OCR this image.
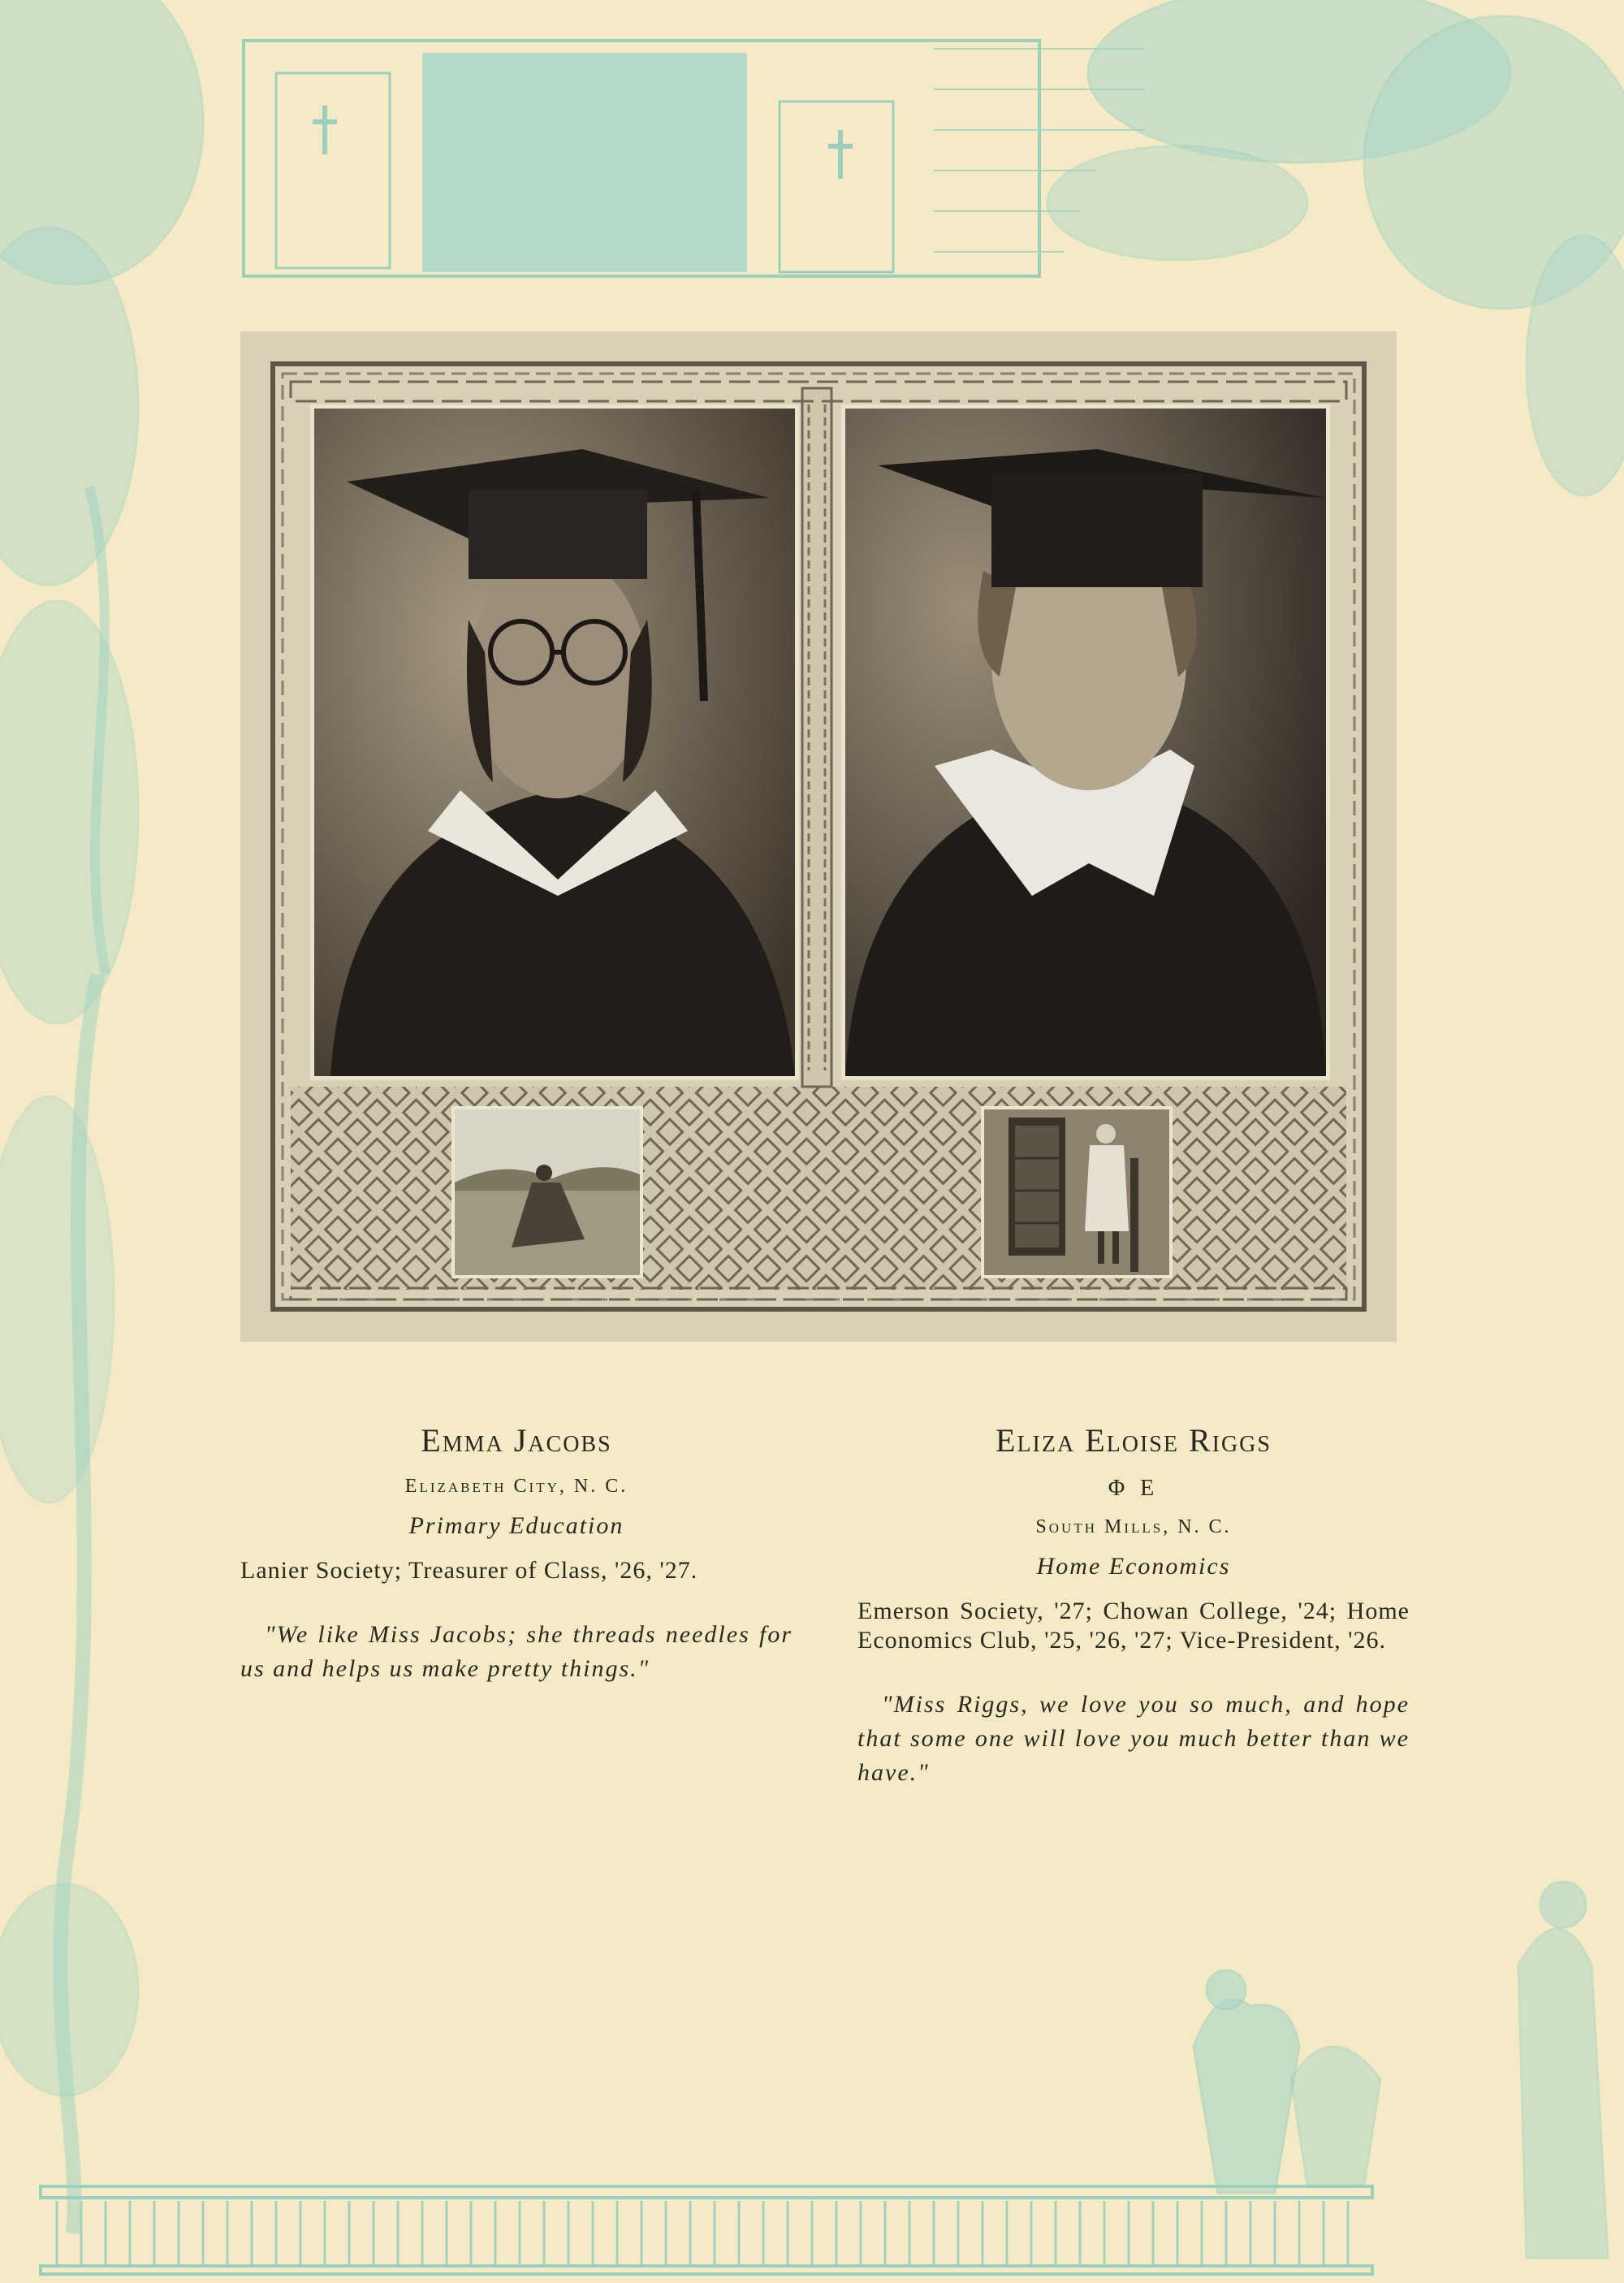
Emma Jacobs
Elizabeth City, N. C.
Primary Education

Lanier Society; Treasurer of Class, '26, '27.

"We like Miss Jacobs; she threads needles for us and helps us make pretty things."

Eliza Eloise Riggs
Φ E
South Mills, N. C.
Home Economics

Emerson Society, '27; Chowan College, '24; Home Economics Club, '25, '26, '27; Vice-President, '26.

"Miss Riggs, we love you so much, and hope that some one will love you much better than we have."
